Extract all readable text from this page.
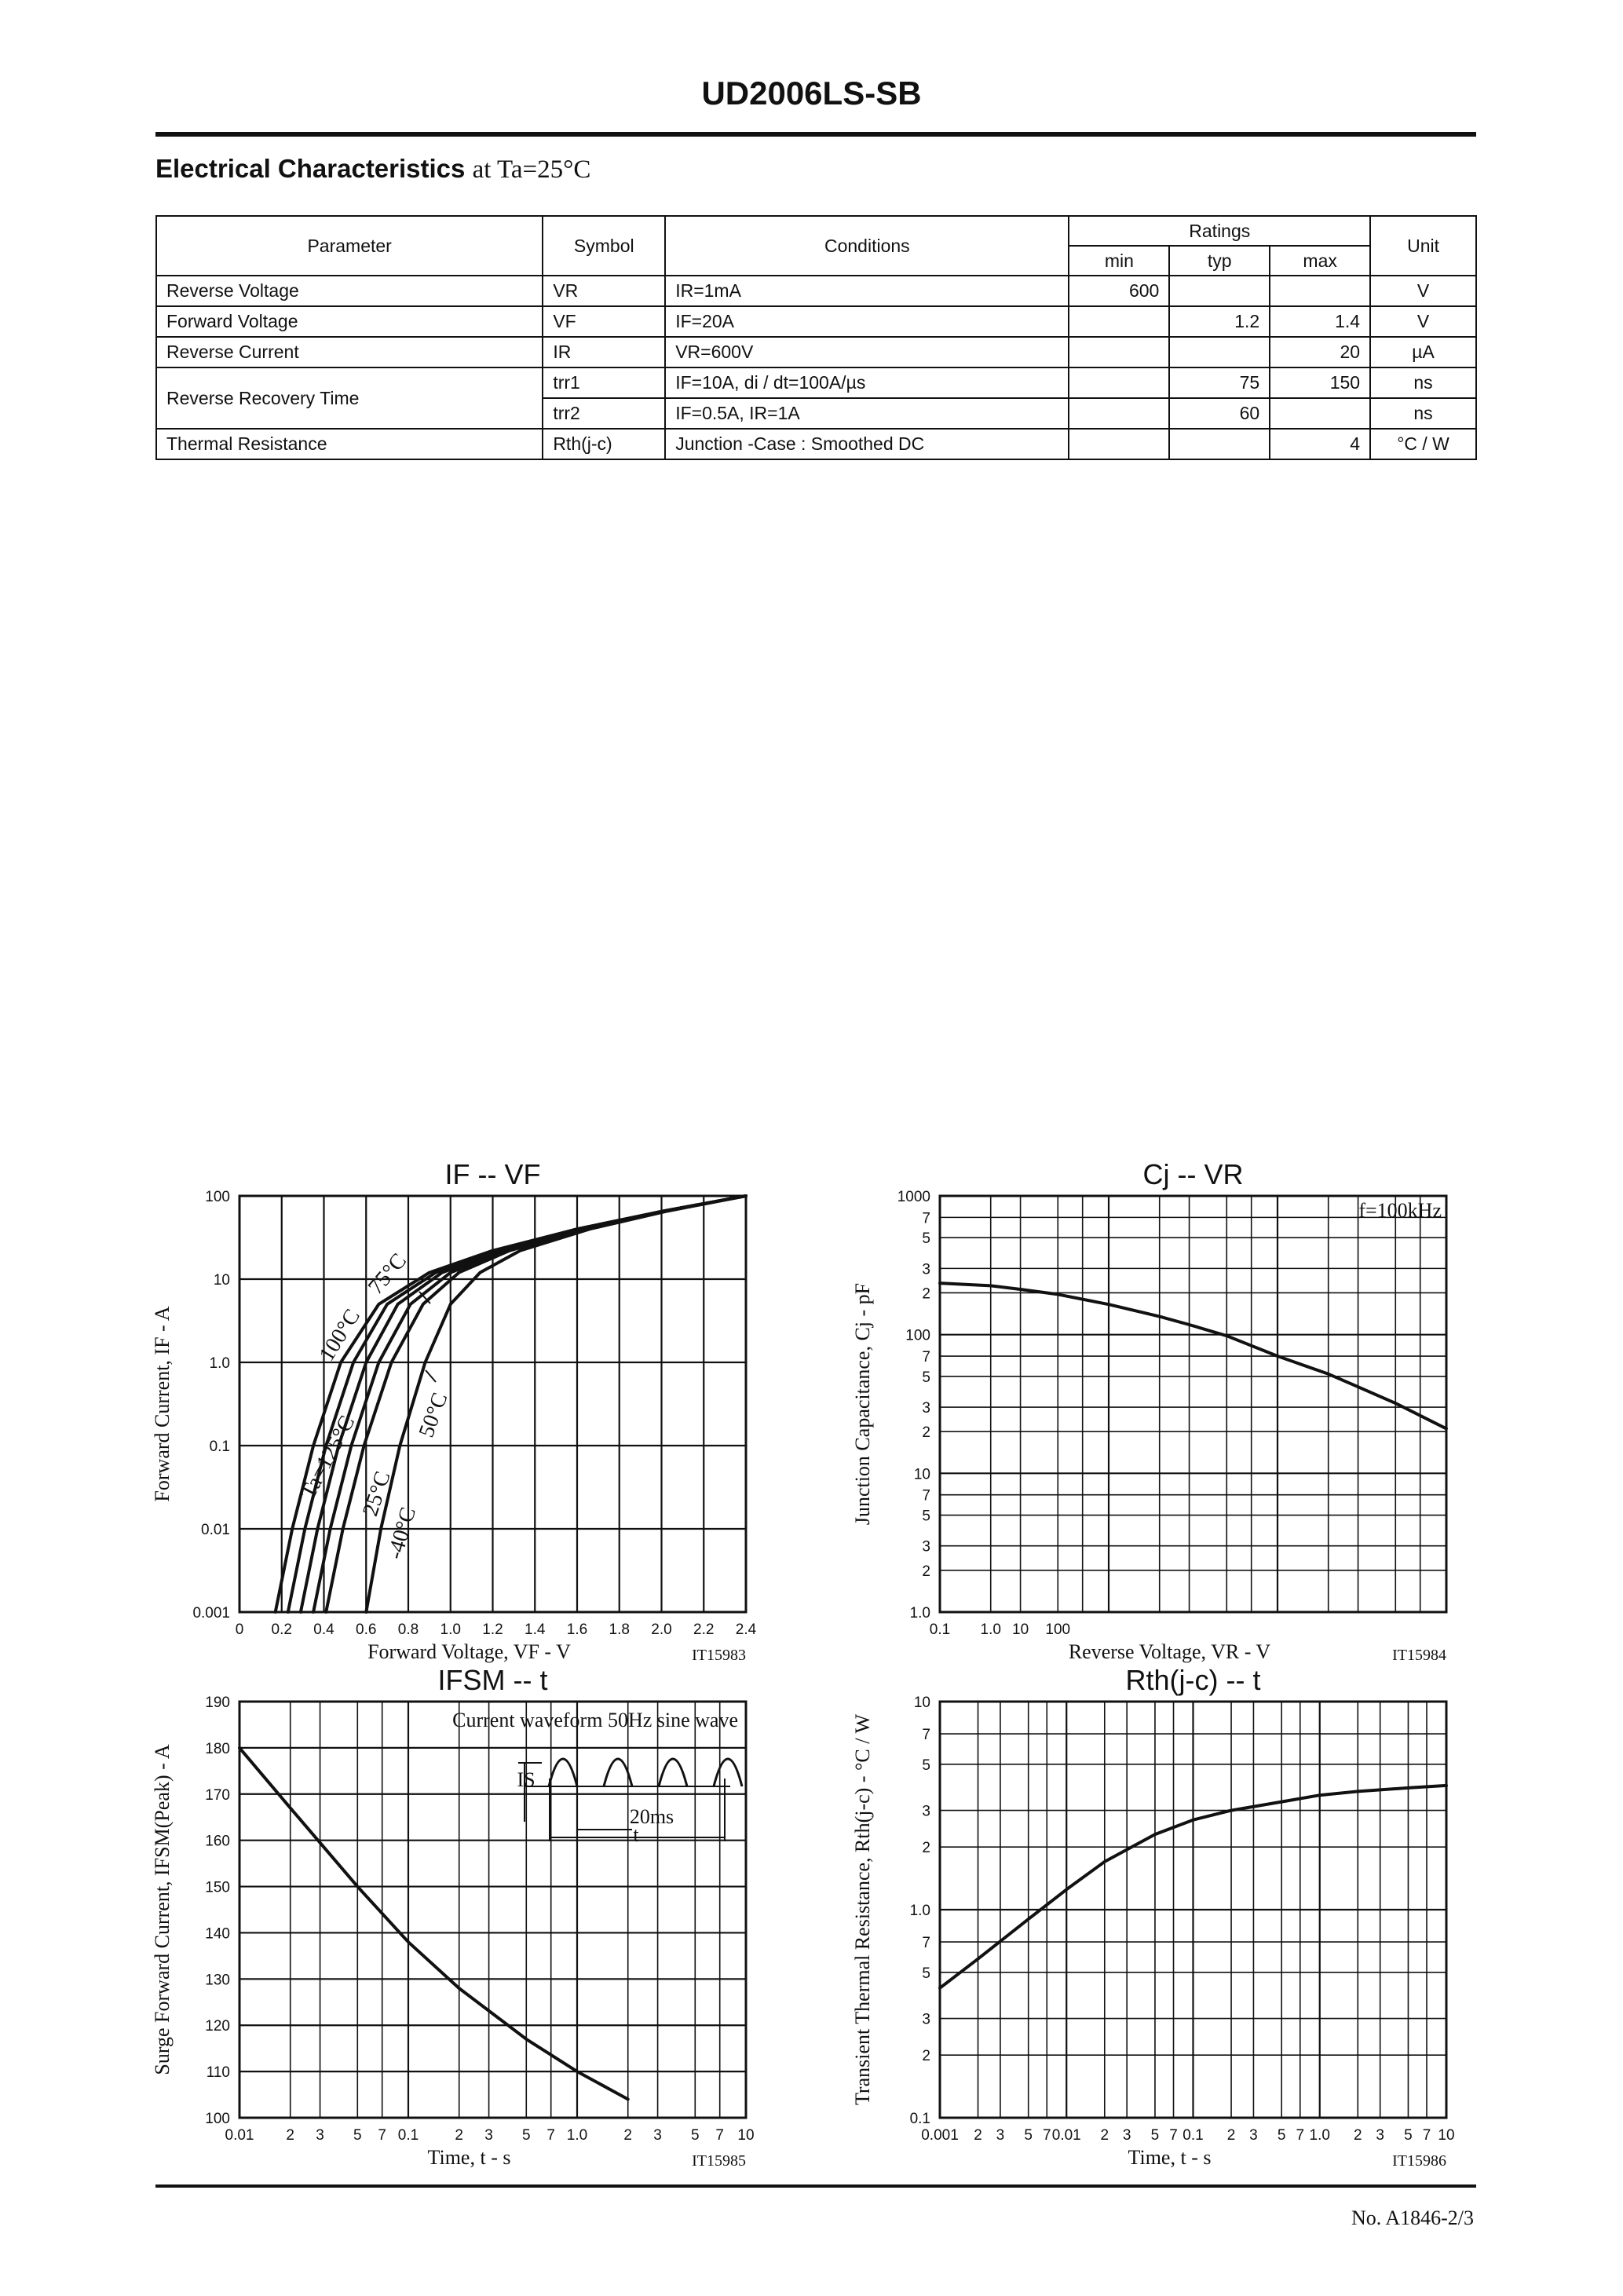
UD2006LS-SB
Electrical Characteristics at Ta=25°C
Parameter	Symbol	Conditions	Ratings			Unit
			min	typ	max	
Reverse Voltage	VR	IR=1mA	600			V
Forward Voltage	VF	IF=20A		1.2	1.4	V
Reverse Current	IR	VR=600V			20	µA
Reverse Recovery Time	trr1	IF=10A, di / dt=100A/µs		75	150	ns
	trr2	IF=0.5A, IR=1A		60		ns
Thermal Resistance	Rth(j-c)	Junction -Case : Smoothed DC			4	°C / W
0 0.2 0.4 0.6 0.8 1.0 1.2 1.4 1.6 1.8 2.0 2.2 2.4
100
10
1.0
0.1
0.01
0.001
IF -- VF
Forward Voltage, VF - V
Forward Current, IF - A
IT15983
0.1 1.0 10 100
1000
7
5
3
2
100
7
5
3
2
10
7
5
3
2
1.0
Cj -- VR
Reverse Voltage, VR - V
Junction Capacitance, Cj - pF
IT15984
0.01 2 3 5 7 0.1 2 3 5 7 1.0 2 3 5 7 10
190
180
170
160
150
140
130
120
110
100
IFSM -- t
Time, t - s
Surge Forward Current, IFSM(Peak) - A
IT15985
0.001 2 3 5 7 0.01 2 3 5 7 0.1 2 3 5 7 1.0 2 3 5 7 10
10
7
5
3
2
1.0
7
5
3
2
0.1
Rth(j-c) -- t
Time, t - s
Transient Thermal Resistance, Rth(j-c) - °C / W
IT15986
Ta=125°C
100°C
75°C
50°C
25°C
-40°C
f=100kHz
Current waveform 50Hz sine wave
IS
20ms
t
No. A1846-2/3
